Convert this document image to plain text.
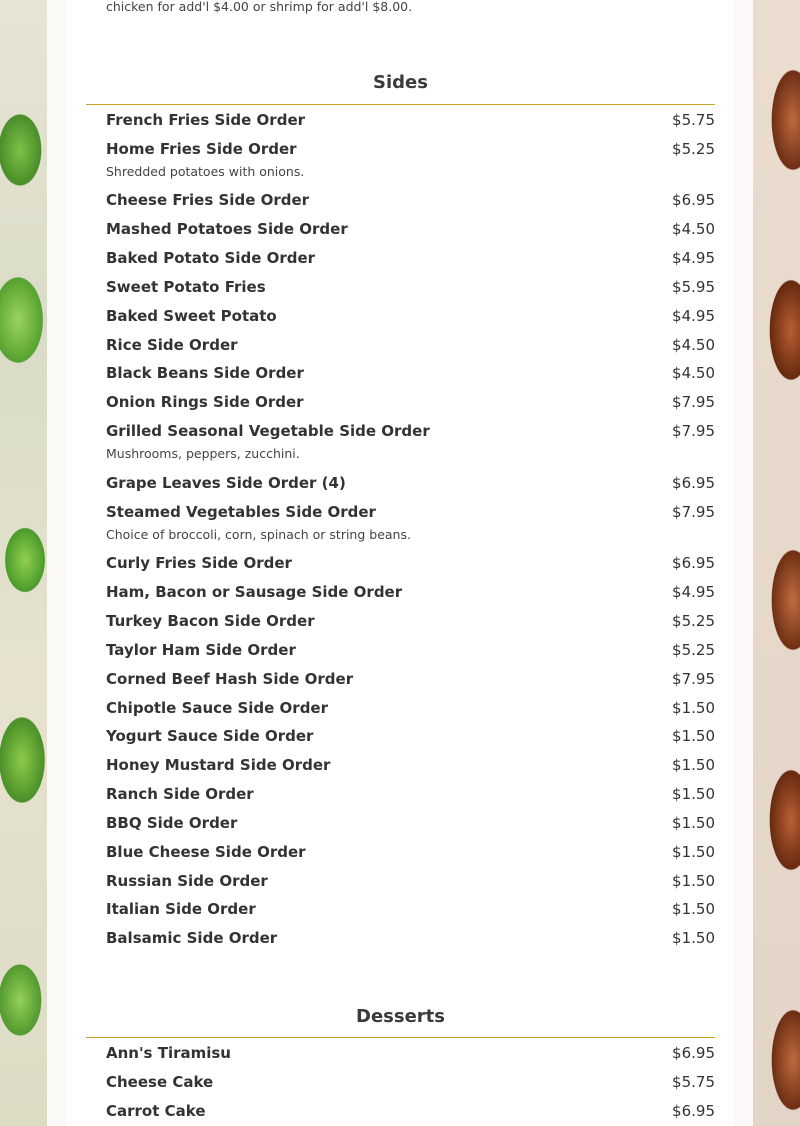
chicken for add'l $4.00 or shrimp for add'l $8.00.
Sides
French Fries Side Order	$5.75
Home Fries Side Order	$5.25
Shredded potatoes with onions.
Cheese Fries Side Order	$6.95
Mashed Potatoes Side Order	$4.50
Baked Potato Side Order	$4.95
Sweet Potato Fries	$5.95
Baked Sweet Potato	$4.95
Rice Side Order	$4.50
Black Beans Side Order	$4.50
Onion Rings Side Order	$7.95
Grilled Seasonal Vegetable Side Order	$7.95
Mushrooms, peppers, zucchini.
Grape Leaves Side Order (4)	$6.95
Steamed Vegetables Side Order	$7.95
Choice of broccoli, corn, spinach or string beans.
Curly Fries Side Order	$6.95
Ham, Bacon or Sausage Side Order	$4.95
Turkey Bacon Side Order	$5.25
Taylor Ham Side Order	$5.25
Corned Beef Hash Side Order	$7.95
Chipotle Sauce Side Order	$1.50
Yogurt Sauce Side Order	$1.50
Honey Mustard Side Order	$1.50
Ranch Side Order	$1.50
BBQ Side Order	$1.50
Blue Cheese Side Order	$1.50
Russian Side Order	$1.50
Italian Side Order	$1.50
Balsamic Side Order	$1.50
Desserts
Ann's Tiramisu	$6.95
Cheese Cake	$5.75
Carrot Cake	$6.95
